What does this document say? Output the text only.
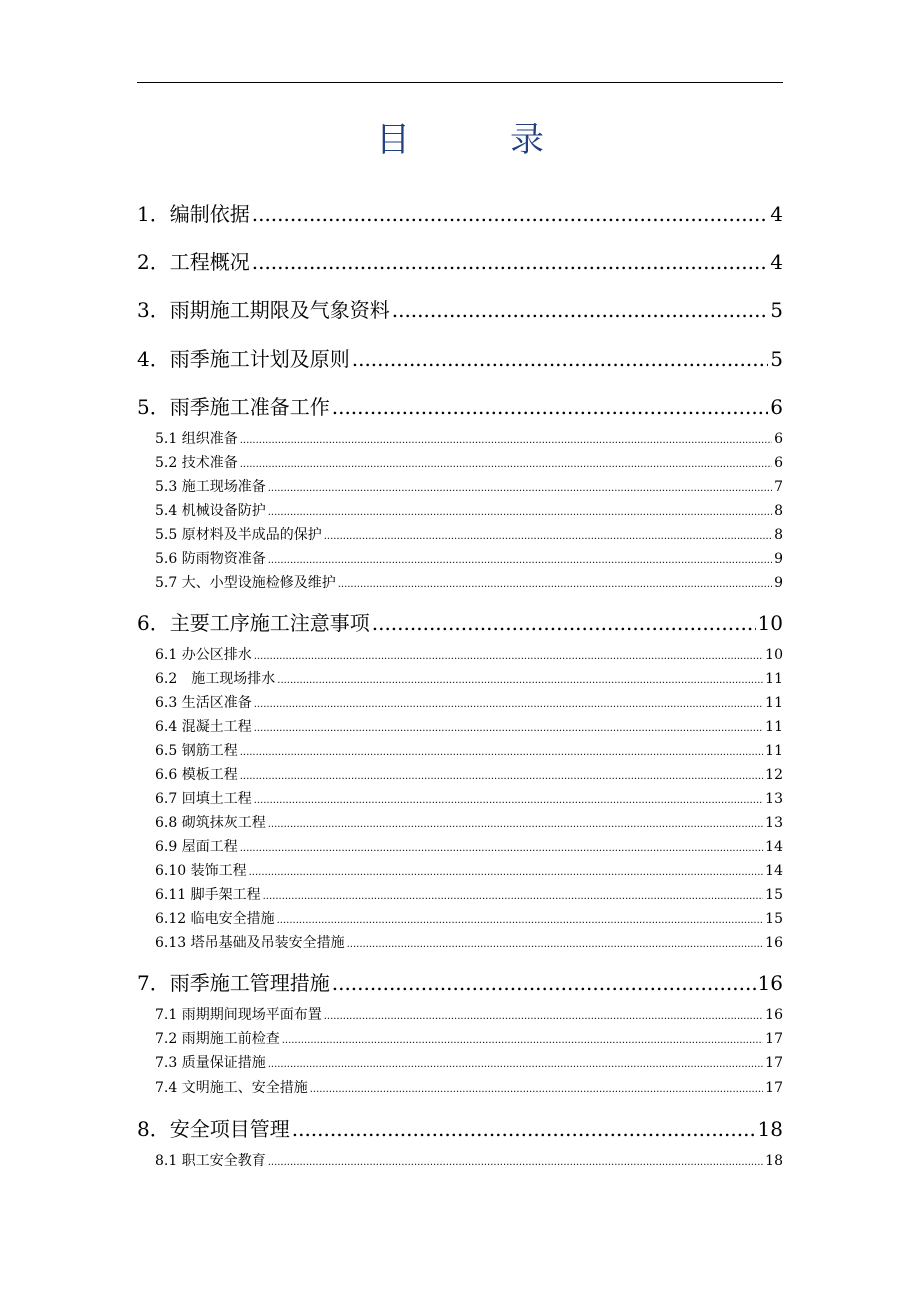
目	录
1．编制依据 .....	4
2．工程概况 .....	4
3．雨期施工期限及气象资料 .....	5
4．雨季施工计划及原则 .....	5
5．雨季施工准备工作 .....	6
5.1 组织准备 .....	6
5.2 技术准备 .....	6
5.3 施工现场准备 .....	7
5.4 机械设备防护 .....	8
5.5 原材料及半成品的保护 .....	8
5.6 防雨物资准备 .....	9
5.7 大、小型设施检修及维护 .....	9
6．主要工序施工注意事项 .....	10
6.1 办公区排水 .....	10
6.2　施工现场排水 .....	11
6.3 生活区准备 .....	11
6.4 混凝土工程 .....	11
6.5 钢筋工程 .....	11
6.6 模板工程 .....	12
6.7 回填土工程 .....	13
6.8 砌筑抹灰工程 .....	13
6.9 屋面工程 .....	14
6.10 装饰工程 .....	14
6.11 脚手架工程 .....	15
6.12 临电安全措施 .....	15
6.13 塔吊基础及吊装安全措施 .....	16
7．雨季施工管理措施 .....	16
7.1 雨期期间现场平面布置 .....	16
7.2 雨期施工前检查 .....	17
7.3 质量保证措施 .....	17
7.4 文明施工、安全措施 .....	17
8．安全项目管理 .....	18
8.1 职工安全教育 .....	18
